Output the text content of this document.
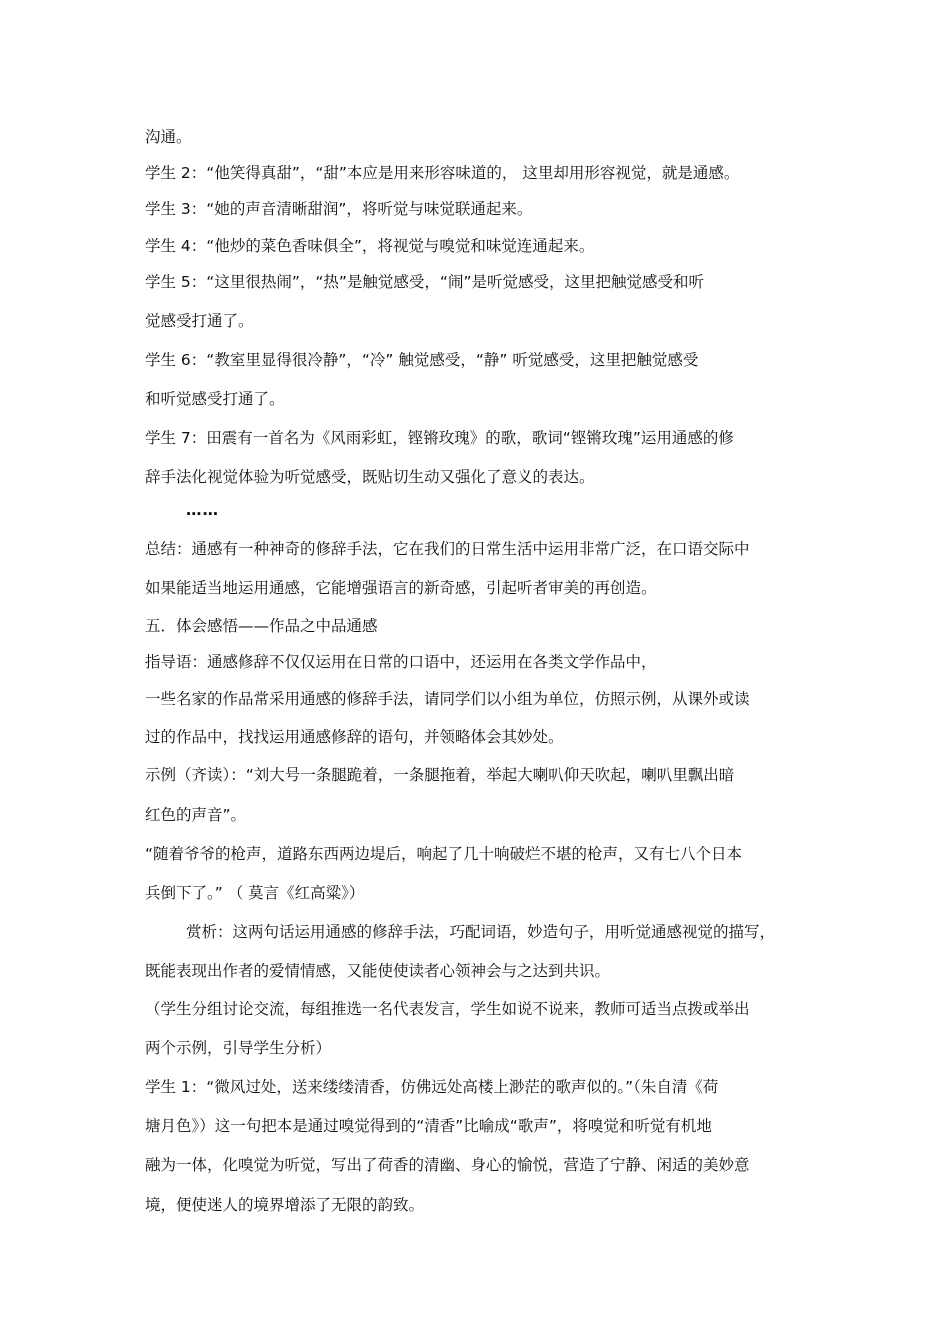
沟通。
学生 2：“他笑得真甜”，“甜”本应是用来形容味道的， 这里却用形容视觉，就是通感。
学生 3：“她的声音清晰甜润”，将听觉与味觉联通起来。
学生 4：“他炒的菜色香味俱全”，将视觉与嗅觉和味觉连通起来。
学生 5：“这里很热闹”，“热”是触觉感受，“闹”是听觉感受，这里把触觉感受和听
觉感受打通了。
学生 6：“教室里显得很冷静”，“冷” 触觉感受，“静” 听觉感受，这里把触觉感受
和听觉感受打通了。
学生 7：田震有一首名为《风雨彩虹，铿锵玫瑰》的歌，歌词“铿锵玫瑰”运用通感的修
辞手法化视觉体验为听觉感受，既贴切生动又强化了意义的表达。
……
总结：通感有一种神奇的修辞手法，它在我们的日常生活中运用非常广泛，在口语交际中
如果能适当地运用通感，它能增强语言的新奇感，引起听者审美的再创造。
五．体会感悟——作品之中品通感
指导语：通感修辞不仅仅运用在日常的口语中，还运用在各类文学作品中，
一些名家的作品常采用通感的修辞手法，请同学们以小组为单位，仿照示例，从课外或读
过的作品中，找找运用通感修辞的语句，并领略体会其妙处。
示例（齐读）：“刘大号一条腿跪着，一条腿拖着，举起大喇叭仰天吹起，喇叭里飘出暗
红色的声音”。
“随着爷爷的枪声，道路东西两边堤后，响起了几十响破烂不堪的枪声，又有七八个日本
兵倒下了。” （ 莫言《红高粱》）
赏析：这两句话运用通感的修辞手法，巧配词语，妙造句子，用听觉通感视觉的描写，
既能表现出作者的爱情情感，又能使使读者心领神会与之达到共识。
（学生分组讨论交流，每组推选一名代表发言，学生如说不说来，教师可适当点拨或举出
两个示例，引导学生分析）
学生 1：“微风过处，送来缕缕清香，仿佛远处高楼上渺茫的歌声似的。”（朱自清《荷
塘月色》）这一句把本是通过嗅觉得到的“清香”比喻成“歌声”，将嗅觉和听觉有机地
融为一体，化嗅觉为听觉，写出了荷香的清幽、身心的愉悦，营造了宁静、闲适的美妙意
境，便使迷人的境界增添了无限的韵致。
